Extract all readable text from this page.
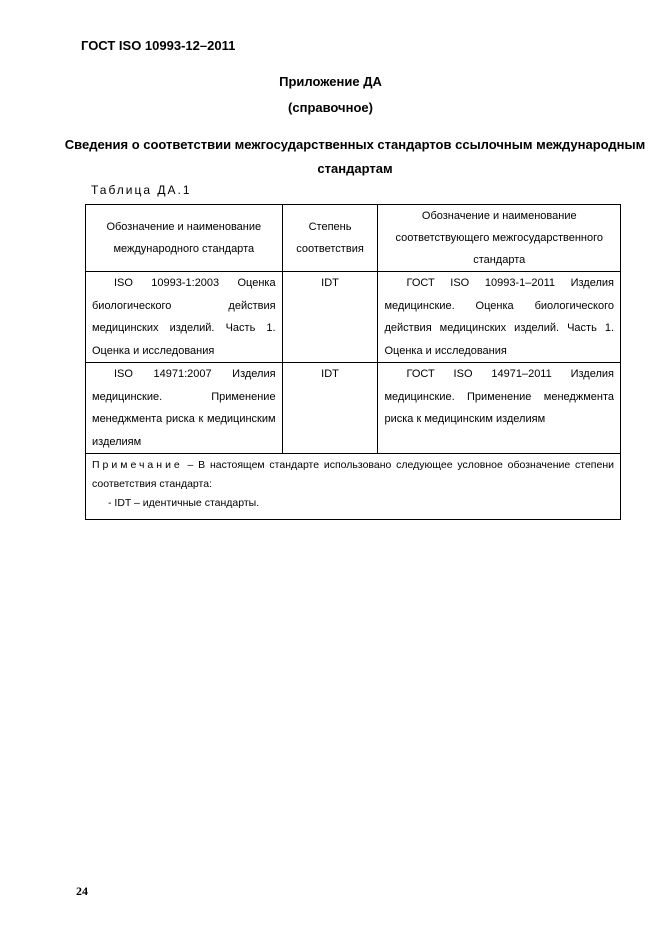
ГОСТ ISO 10993-12–2011
Приложение ДА
(справочное)
Сведения о соответствии межгосударственных стандартов ссылочным международным стандартам
Таблица ДА.1
Обозначение и наименование международного стандарта	Степень соответствия	Обозначение и наименование соответствующего межгосударственного стандарта
ISO 10993-1:2003 Оценка биологического действия медицинских изделий. Часть 1. Оценка и исследования	IDT	ГОСТ ISO 10993-1–2011 Изделия медицинские. Оценка биологического действия медицинских изделий. Часть 1. Оценка и исследования
ISO 14971:2007 Изделия медицинские. Применение менеджмента риска к медицинским изделиям	IDT	ГОСТ ISO 14971–2011 Изделия медицинские. Применение менеджмента риска к медицинским изделиям
Примечание – В настоящем стандарте использовано следующее условное обозначение степени соответствия стандарта:
- IDT – идентичные стандарты.		
24
